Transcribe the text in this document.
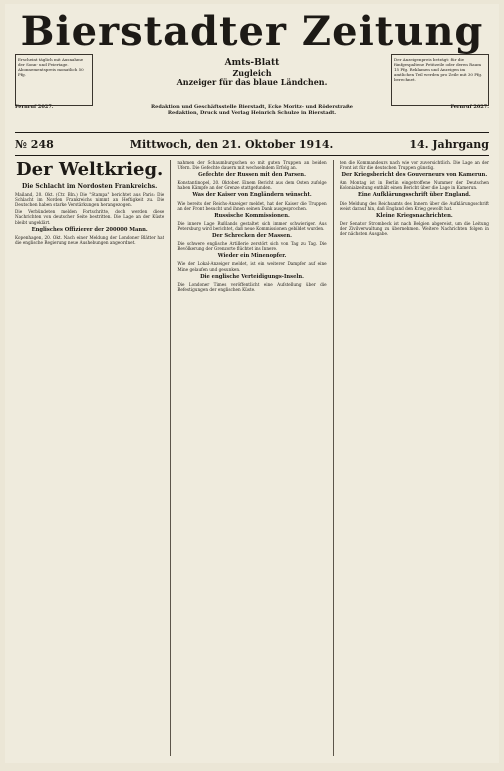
Bierstadter Zeitung
Erscheint täglich mit Ausnahme der Sonn- und Feiertage. Abonnementspreis monatlich 50 Pfg.
Der Anzeigenpreis beträgt: für die fünfgespaltene Petitzeile oder deren Raum 15 Pfg. Reklamen und Anzeigen im amtlichen Teil werden pro Zeile mit 30 Pfg. berechnet.
Amts-Blatt
Zugleich
Anzeiger für das blaue Ländchen.
Fernruf 2027.	Redaktion und Geschäftsstelle Bierstadt, Ecke Moritz- und Röderstraße	Fernruf 2027.
Redaktion, Druck und Verlag Heinrich Schulze in Bierstadt.
№ 248	Mittwoch, den 21. Oktober 1914.	14. Jahrgang
Der Weltkrieg.
Die Schlacht im Nordosten Frankreichs.

Mailand, 20. Okt. (Ctr. Bln.) Die "Stampa" berichtet aus Paris: Die Schlacht im Norden Frankreichs nimmt an Heftigkeit zu. Die Deutschen haben starke Verstärkungen herangezogen.

Die Verbündeten melden Fortschritte, doch werden diese Nachrichten von deutscher Seite bestritten. Die Lage an der Küste bleibt ungeklärt.

Englisches Offizierer der 200000 Mann.

Kopenhagen, 20. Okt. Nach einer Meldung der Londoner Blätter hat die englische Regierung neue Aushebungen angeordnet.

nahmen der Schaumburgschen so mit guten Truppen an beiden Ufern. Die Gefechte dauern mit wechselndem Erfolg an.

Gefechte der Russen mit den Parsen.

Konstantinopel, 20. Oktober. Einem Bericht aus dem Osten zufolge haben Kämpfe an der Grenze stattgefunden.

Was der Kaiser von Engländern wünscht.

Wie bereits der Reichs-Anzeiger meldet, hat der Kaiser die Truppen an der Front besucht und ihnen seinen Dank ausgesprochen.

Russische Kommissionen.

Die innere Lage Rußlands gestaltet sich immer schwieriger. Aus Petersburg wird berichtet, daß neue Kommissionen gebildet wurden.

Der Schrecken der Massen.

Die schwere englische Artillerie zerstört sich von Tag zu Tag. Die Bevölkerung der Grenzorte flüchtet ins Innere.

Wieder ein Minenopfer.

Wie der Lokal-Anzeiger meldet, ist ein weiterer Dampfer auf eine Mine gelaufen und gesunken.

Die englische Verteidigungs-Inseln.

Die Londoner Times veröffentlicht eine Aufstellung über die Befestigungen der englischen Küste.

ten die Kommandeurs nach wie vor zuversichtlich. Die Lage an der Front ist für die deutschen Truppen günstig.

Der Kriegsbericht des Gouverneurs von Kamerun.

Am Montag ist in Berlin eingetroffene Nummer der Deutschen Kolonialzeitung enthält einen Bericht über die Lage in Kamerun.

Eine Aufklärungsschrift über England.

Die Meldung des Reichsamts des Innern über die Aufklärungsschrift weist darauf hin, daß England den Krieg gewollt hat.

Kleine Kriegsnachrichten.

Der Senator Strombeck ist nach Belgien abgereist, um die Leitung der Zivilverwaltung zu übernehmen. Weitere Nachrichten folgen in der nächsten Ausgabe.
